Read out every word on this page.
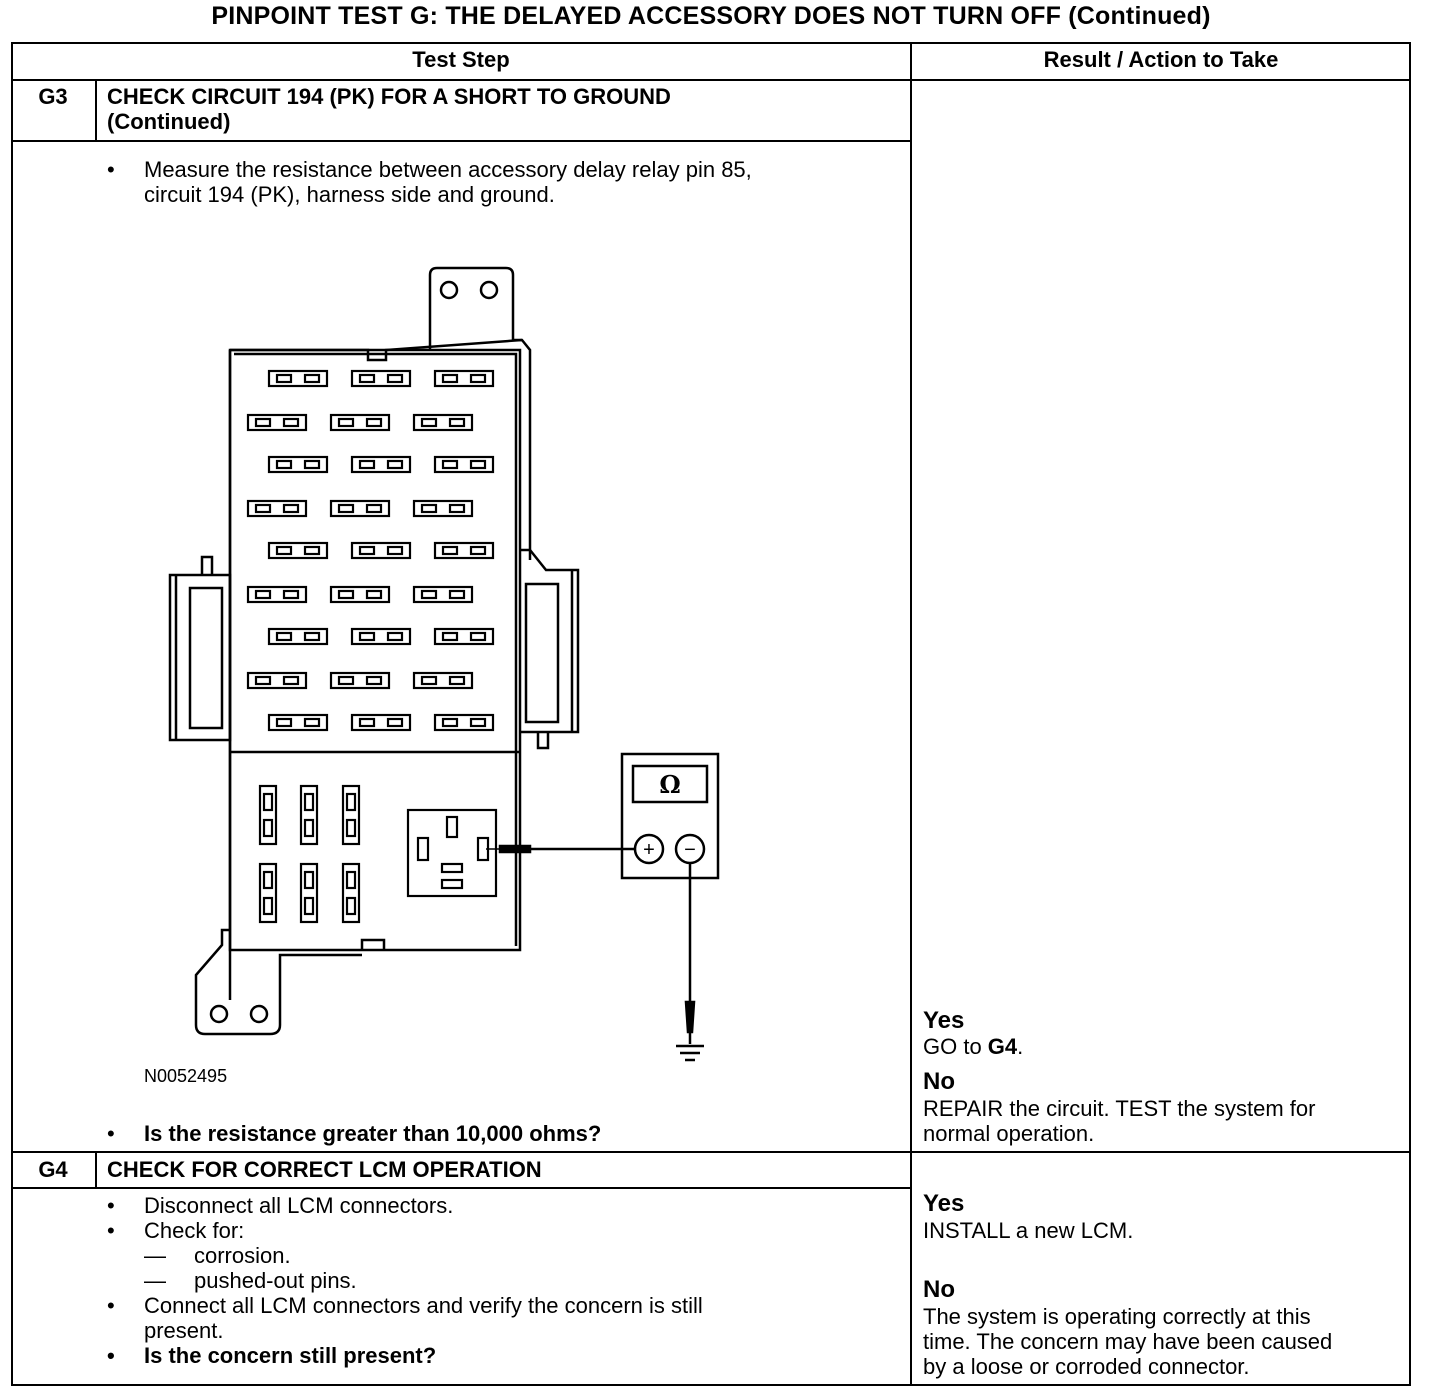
PINPOINT TEST G: THE DELAYED ACCESSORY DOES NOT TURN OFF (Continued)
Test Step	Result / Action to Take
G3	CHECK CIRCUIT 194 (PK) FOR A SHORT TO GROUND
(Continued)
• Measure the resistance between accessory delay relay pin 85,
circuit 194 (PK), harness side and ground.
Ω
+ −
N0052495
• Is the resistance greater than 10,000 ohms?
Yes
GO to G4.
No
REPAIR the circuit. TEST the system for
normal operation.
G4	CHECK FOR CORRECT LCM OPERATION
• Disconnect all LCM connectors.
• Check for:
— corrosion.
— pushed-out pins.
• Connect all LCM connectors and verify the concern is still
present.
• Is the concern still present?
Yes
INSTALL a new LCM.
No
The system is operating correctly at this
time. The concern may have been caused
by a loose or corroded connector.
